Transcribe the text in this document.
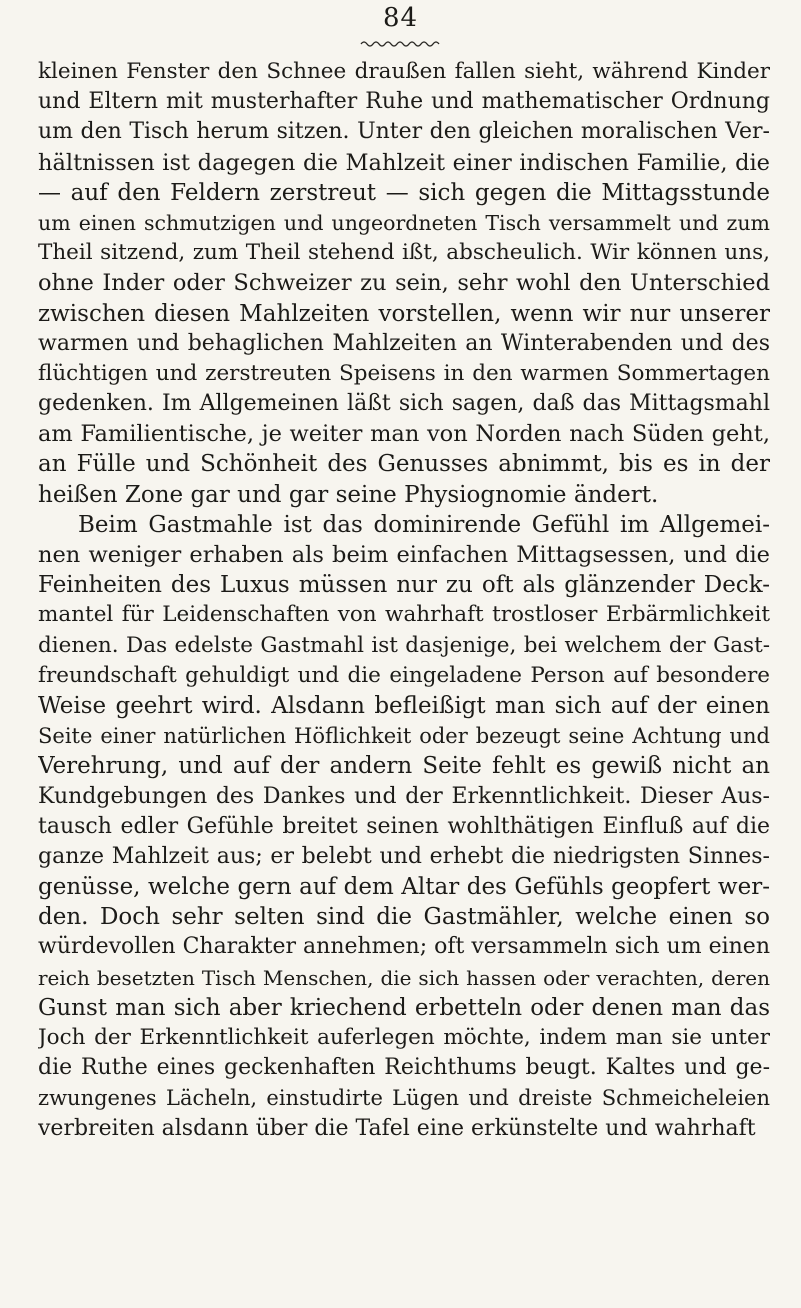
84
kleinen Fenster den Schnee draußen fallen sieht, während Kinder
und Eltern mit musterhafter Ruhe und mathematischer Ordnung
um den Tisch herum sitzen. Unter den gleichen moralischen Ver-
hältnissen ist dagegen die Mahlzeit einer indischen Familie, die
— auf den Feldern zerstreut — sich gegen die Mittagsstunde
um einen schmutzigen und ungeordneten Tisch versammelt und zum
Theil sitzend, zum Theil stehend ißt, abscheulich. Wir können uns,
ohne Inder oder Schweizer zu sein, sehr wohl den Unterschied
zwischen diesen Mahlzeiten vorstellen, wenn wir nur unserer
warmen und behaglichen Mahlzeiten an Winterabenden und des
flüchtigen und zerstreuten Speisens in den warmen Sommertagen
gedenken. Im Allgemeinen läßt sich sagen, daß das Mittagsmahl
am Familientische, je weiter man von Norden nach Süden geht,
an Fülle und Schönheit des Genusses abnimmt, bis es in der
heißen Zone gar und gar seine Physiognomie ändert.
Beim Gastmahle ist das dominirende Gefühl im Allgemei-
nen weniger erhaben als beim einfachen Mittagsessen, und die
Feinheiten des Luxus müssen nur zu oft als glänzender Deck-
mantel für Leidenschaften von wahrhaft trostloser Erbärmlichkeit
dienen. Das edelste Gastmahl ist dasjenige, bei welchem der Gast-
freundschaft gehuldigt und die eingeladene Person auf besondere
Weise geehrt wird. Alsdann befleißigt man sich auf der einen
Seite einer natürlichen Höflichkeit oder bezeugt seine Achtung und
Verehrung, und auf der andern Seite fehlt es gewiß nicht an
Kundgebungen des Dankes und der Erkenntlichkeit. Dieser Aus-
tausch edler Gefühle breitet seinen wohlthätigen Einfluß auf die
ganze Mahlzeit aus; er belebt und erhebt die niedrigsten Sinnes-
genüsse, welche gern auf dem Altar des Gefühls geopfert wer-
den. Doch sehr selten sind die Gastmähler, welche einen so
würdevollen Charakter annehmen; oft versammeln sich um einen
reich besetzten Tisch Menschen, die sich hassen oder verachten, deren
Gunst man sich aber kriechend erbetteln oder denen man das
Joch der Erkenntlichkeit auferlegen möchte, indem man sie unter
die Ruthe eines geckenhaften Reichthums beugt. Kaltes und ge-
zwungenes Lächeln, einstudirte Lügen und dreiste Schmeicheleien
verbreiten alsdann über die Tafel eine erkünstelte und wahrhaft
